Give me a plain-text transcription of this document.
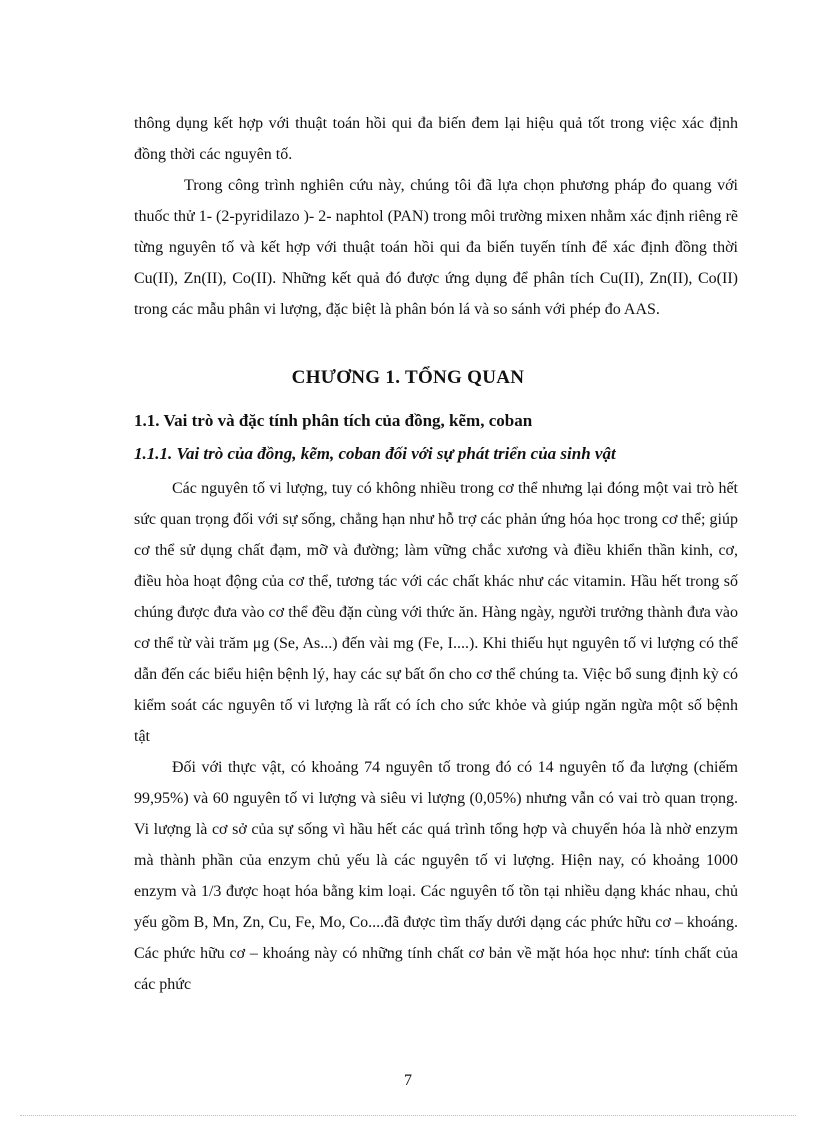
thông dụng kết hợp với thuật toán hồi qui đa biến đem lại hiệu quả tốt trong việc xác định đồng thời các nguyên tố.

Trong công trình nghiên cứu này, chúng tôi đã lựa chọn phương pháp đo quang với thuốc thử 1- (2-pyridilazo )- 2- naphtol (PAN) trong môi trường mixen nhằm xác định riêng rẽ từng nguyên tố và kết hợp với thuật toán hồi qui đa biến tuyến tính để xác định đồng thời Cu(II), Zn(II), Co(II). Những kết quả đó được ứng dụng để phân tích Cu(II), Zn(II), Co(II) trong các mẫu phân vi lượng, đặc biệt là phân bón lá và so sánh với phép đo AAS.

CHƯƠNG 1. TỔNG QUAN
1.1. Vai trò và đặc tính phân tích của đồng, kẽm, coban
1.1.1. Vai trò của đồng, kẽm, coban đối với sự phát triển của sinh vật

Các nguyên tố vi lượng, tuy có không nhiều trong cơ thể nhưng lại đóng một vai trò hết sức quan trọng đối với sự sống, chẳng hạn như hỗ trợ các phản ứng hóa học trong cơ thể; giúp cơ thể sử dụng chất đạm, mỡ và đường; làm vững chắc xương và điều khiển thần kinh, cơ, điều hòa hoạt động của cơ thể, tương tác với các chất khác như các vitamin. Hầu hết trong số chúng được đưa vào cơ thể đều đặn cùng với thức ăn. Hàng ngày, người trưởng thành đưa vào cơ thể từ vài trăm μg (Se, As...) đến vài mg (Fe, I....). Khi thiếu hụt nguyên tố vi lượng có thể dẫn đến các biểu hiện bệnh lý, hay các sự bất ổn cho cơ thể chúng ta. Việc bổ sung định kỳ có kiểm soát các nguyên tố vi lượng là rất có ích cho sức khỏe và giúp ngăn ngừa một số bệnh tật

Đối với thực vật, có khoảng 74 nguyên tố trong đó có 14 nguyên tố đa lượng (chiếm 99,95%) và 60 nguyên tố vi lượng và siêu vi lượng (0,05%) nhưng vẫn có vai trò quan trọng. Vi lượng là cơ sở của sự sống vì hầu hết các quá trình tổng hợp và chuyển hóa là nhờ enzym mà thành phần của enzym chủ yếu là các nguyên tố vi lượng. Hiện nay, có khoảng 1000 enzym và 1/3 được hoạt hóa bằng kim loại. Các nguyên tố tồn tại nhiều dạng khác nhau, chủ yếu gồm B, Mn, Zn, Cu, Fe, Mo, Co....đã được tìm thấy dưới dạng các phức hữu cơ – khoáng. Các phức hữu cơ – khoáng này có những tính chất cơ bản về mặt hóa học như: tính chất của các phức

7
